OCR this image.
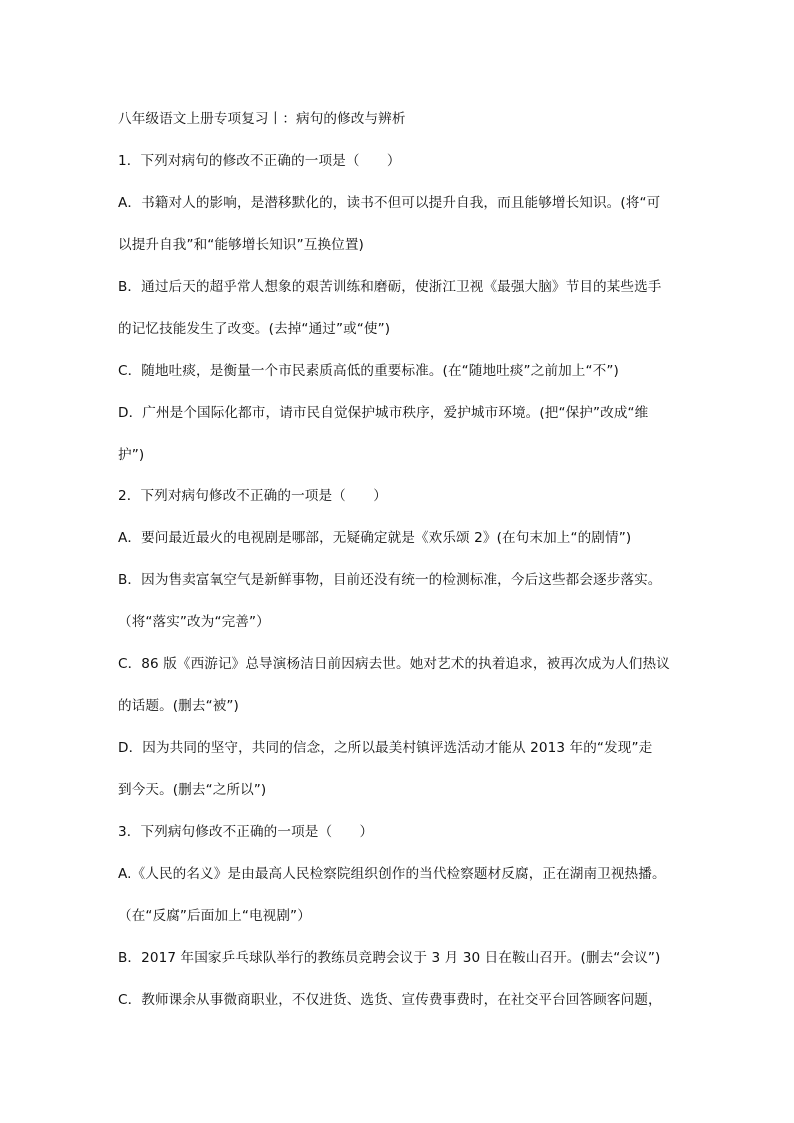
八年级语文上册专项复习丨：病句的修改与辨析
1．下列对病句的修改不正确的一项是（　　）
A．书籍对人的影响，是潜移默化的，读书不但可以提升自我，而且能够增长知识。(将“可
以提升自我”和“能够增长知识”互换位置)
B．通过后天的超乎常人想象的艰苦训练和磨砺，使浙江卫视《最强大脑》节目的某些选手
的记忆技能发生了改变。(去掉“通过”或“使”)
C．随地吐痰，是衡量一个市民素质高低的重要标准。(在“随地吐痰”之前加上“不”)
D．广州是个国际化都市，请市民自觉保护城市秩序，爱护城市环境。(把“保护”改成“维
护”)
2．下列对病句修改不正确的一项是（　　）
A．要问最近最火的电视剧是哪部，无疑确定就是《欢乐颂 2》(在句末加上“的剧情”)
B．因为售卖富氧空气是新鲜事物，目前还没有统一的检测标准，今后这些都会逐步落实。
（将“落实”改为“完善”）
C．86 版《西游记》总导演杨洁日前因病去世。她对艺术的执着追求，被再次成为人们热议
的话题。(删去“被”)
D．因为共同的坚守，共同的信念，之所以最美村镇评选活动才能从 2013 年的“发现”走
到今天。(删去“之所以”)
3．下列病句修改不正确的一项是（　　）
A.《人民的名义》是由最高人民检察院组织创作的当代检察题材反腐，正在湖南卫视热播。
（在“反腐”后面加上“电视剧”）
B．2017 年国家乒乓球队举行的教练员竞聘会议于 3 月 30 日在鞍山召开。(删去“会议”)
C．教师课余从事微商职业，不仅进货、选货、宣传费事费时，在社交平台回答顾客问题，
